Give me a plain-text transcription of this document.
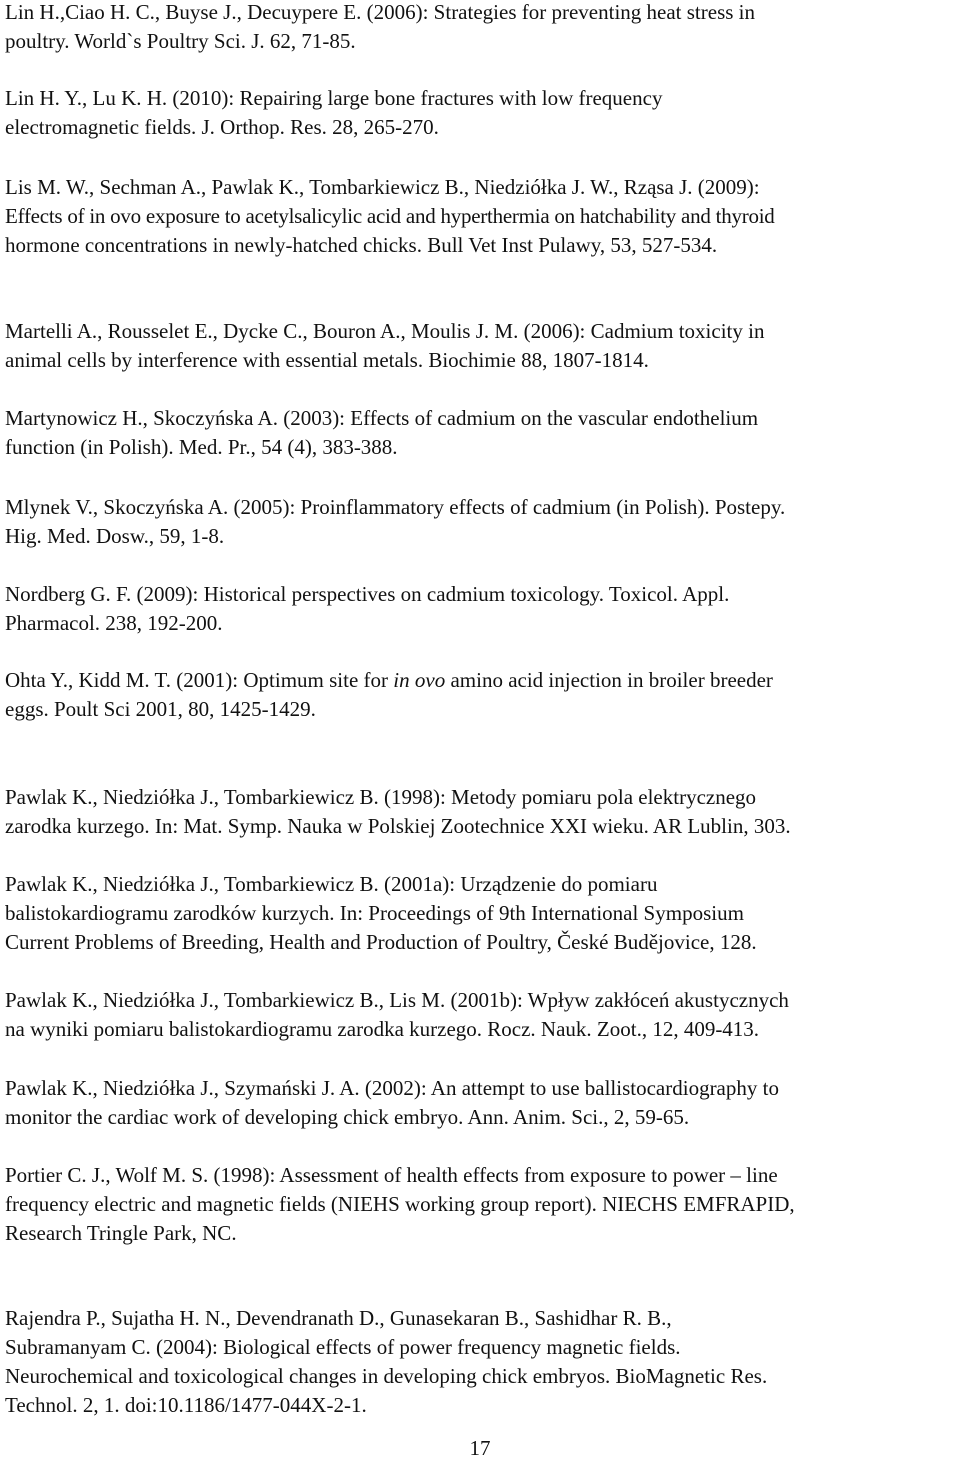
Lin H.,Ciao H. C., Buyse J., Decuypere E. (2006): Strategies for preventing heat stress in
poultry. World`s Poultry Sci. J. 62, 71-85.
Lin H. Y., Lu K. H. (2010): Repairing large bone fractures with low frequency
electromagnetic fields. J. Orthop. Res. 28, 265-270.
Lis M. W., Sechman A., Pawlak K., Tombarkiewicz B., Niedziółka J. W., Rząsa J. (2009):
Effects of in ovo exposure to acetylsalicylic acid and hyperthermia on hatchability and thyroid
hormone concentrations in newly-hatched chicks. Bull Vet Inst Pulawy, 53, 527-534.
Martelli A., Rousselet E., Dycke C., Bouron A., Moulis J. M. (2006): Cadmium toxicity in
animal cells by interference with essential metals. Biochimie 88, 1807-1814.
Martynowicz H., Skoczyńska A. (2003): Effects of cadmium on the vascular endothelium
function (in Polish). Med. Pr., 54 (4), 383-388.
Mlynek V., Skoczyńska A. (2005): Proinflammatory effects of cadmium (in Polish). Postepy.
Hig. Med. Dosw., 59, 1-8.
Nordberg G. F. (2009): Historical perspectives on cadmium toxicology. Toxicol. Appl.
Pharmacol. 238, 192-200.
Ohta Y., Kidd M. T. (2001): Optimum site for in ovo amino acid injection in broiler breeder
eggs. Poult Sci 2001, 80, 1425-1429.
Pawlak K., Niedziółka J., Tombarkiewicz B. (1998): Metody pomiaru pola elektrycznego
zarodka kurzego. In: Mat. Symp. Nauka w Polskiej Zootechnice XXI wieku. AR Lublin, 303.
Pawlak K., Niedziółka J., Tombarkiewicz B. (2001a): Urządzenie do pomiaru
balistokardiogramu zarodków kurzych. In: Proceedings of 9th International Symposium
Current Problems of Breeding, Health and Production of Poultry, České Budějovice, 128.
Pawlak K., Niedziółka J., Tombarkiewicz B., Lis M. (2001b): Wpływ zakłóceń akustycznych
na wyniki pomiaru balistokardiogramu zarodka kurzego. Rocz. Nauk. Zoot., 12, 409-413.
Pawlak K., Niedziółka J., Szymański J. A. (2002): An attempt to use ballistocardiography to
monitor the cardiac work of developing chick embryo. Ann. Anim. Sci., 2, 59-65.
Portier C. J., Wolf M. S. (1998): Assessment of health effects from exposure to power – line
frequency electric and magnetic fields (NIEHS working group report). NIECHS EMFRAPID,
Research Tringle Park, NC.
Rajendra P., Sujatha H. N., Devendranath D., Gunasekaran B., Sashidhar R. B.,
Subramanyam C. (2004): Biological effects of power frequency magnetic fields.
Neurochemical and toxicological changes in developing chick embryos. BioMagnetic Res.
Technol. 2, 1. doi:10.1186/1477-044X-2-1.
17
